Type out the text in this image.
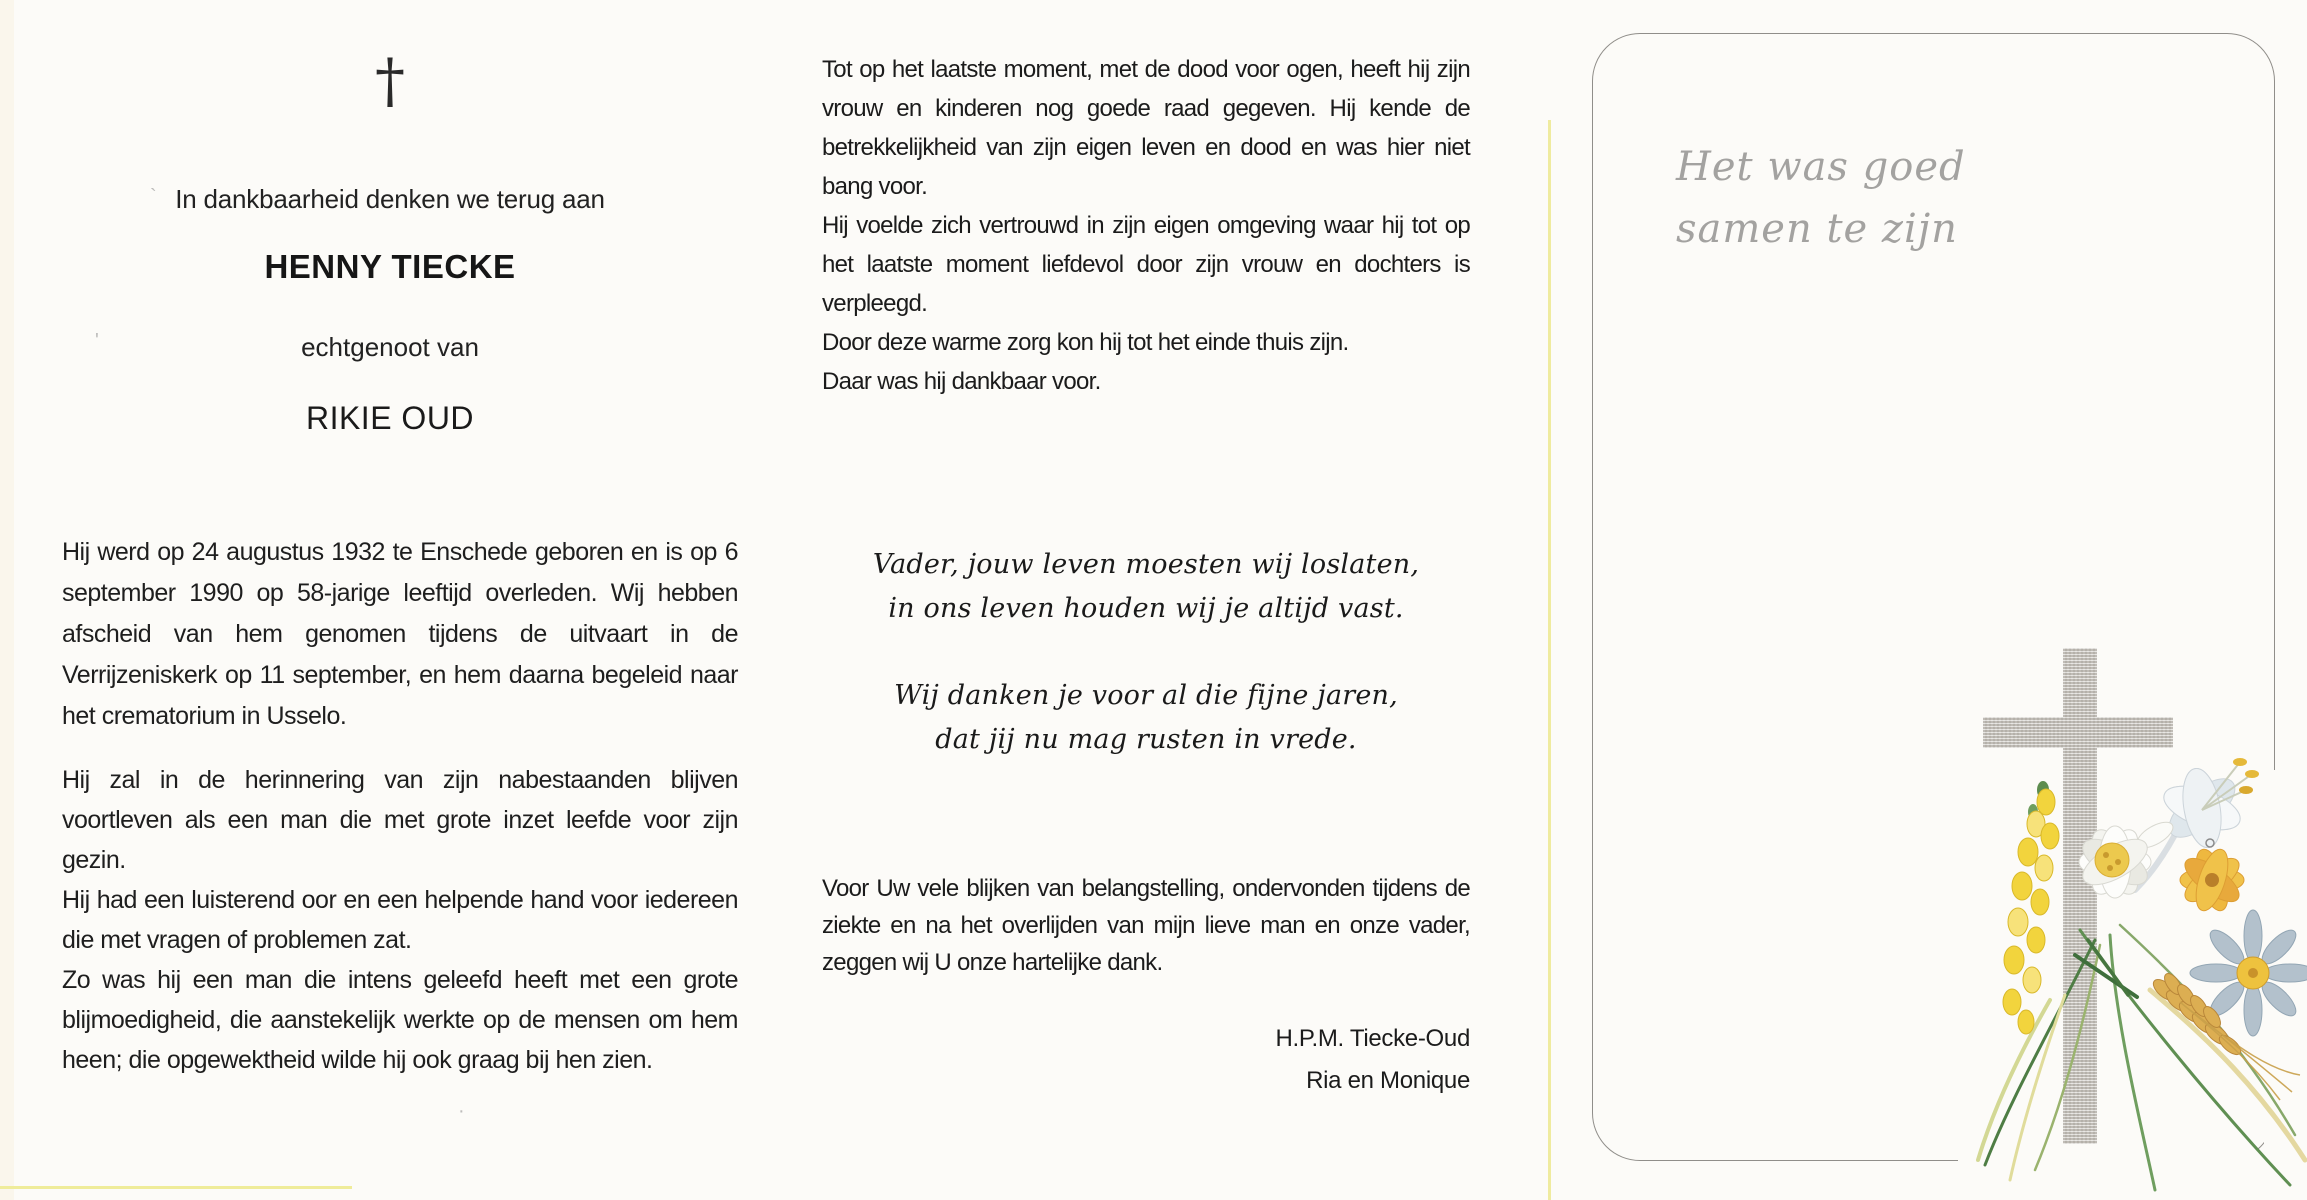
'
`
·
†
In dankbaarheid denken we terug aan
HENNY TIECKE
echtgenoot van
RIKIE OUD

Hij werd op 24 augustus 1932 te Enschede geboren en is op 6 september 1990 op 58-jarige leeftijd overleden. Wij hebben afscheid van hem genomen tijdens de uitvaart in de Verrijzeniskerk op 11 september, en hem daarna begeleid naar het crematorium in Usselo.

Hij zal in de herinnering van zijn nabestaanden blijven voortleven als een man die met grote inzet leefde voor zijn gezin.

Hij had een luisterend oor en een helpende hand voor iedereen die met vragen of problemen zat.

Zo was hij een man die intens geleefd heeft met een grote blijmoedigheid, die aanstekelijk werkte op de mensen om hem heen; die opgewektheid wilde hij ook graag bij hen zien.

Tot op het laatste moment, met de dood voor ogen, heeft hij zijn vrouw en kinderen nog goede raad gegeven. Hij kende de betrekkelijkheid van zijn eigen leven en dood en was hier niet bang voor.

Hij voelde zich vertrouwd in zijn eigen omgeving waar hij tot op het laatste moment liefdevol door zijn vrouw en dochters is verpleegd.

Door deze warme zorg kon hij tot het einde thuis zijn.

Daar was hij dankbaar voor.

Vader, jouw leven moesten wij loslaten,
in ons leven houden wij je altijd vast.
Wij danken je voor al die fijne jaren,
dat jij nu mag rusten in vrede.

Voor Uw vele blijken van belangstelling, ondervonden tijdens de ziekte en na het overlijden van mijn lieve man en onze vader, zeggen wij U onze hartelijke dank.

H.P.M. Tiecke-Oud
Ria en Monique
Het was goed
samen te zijn
